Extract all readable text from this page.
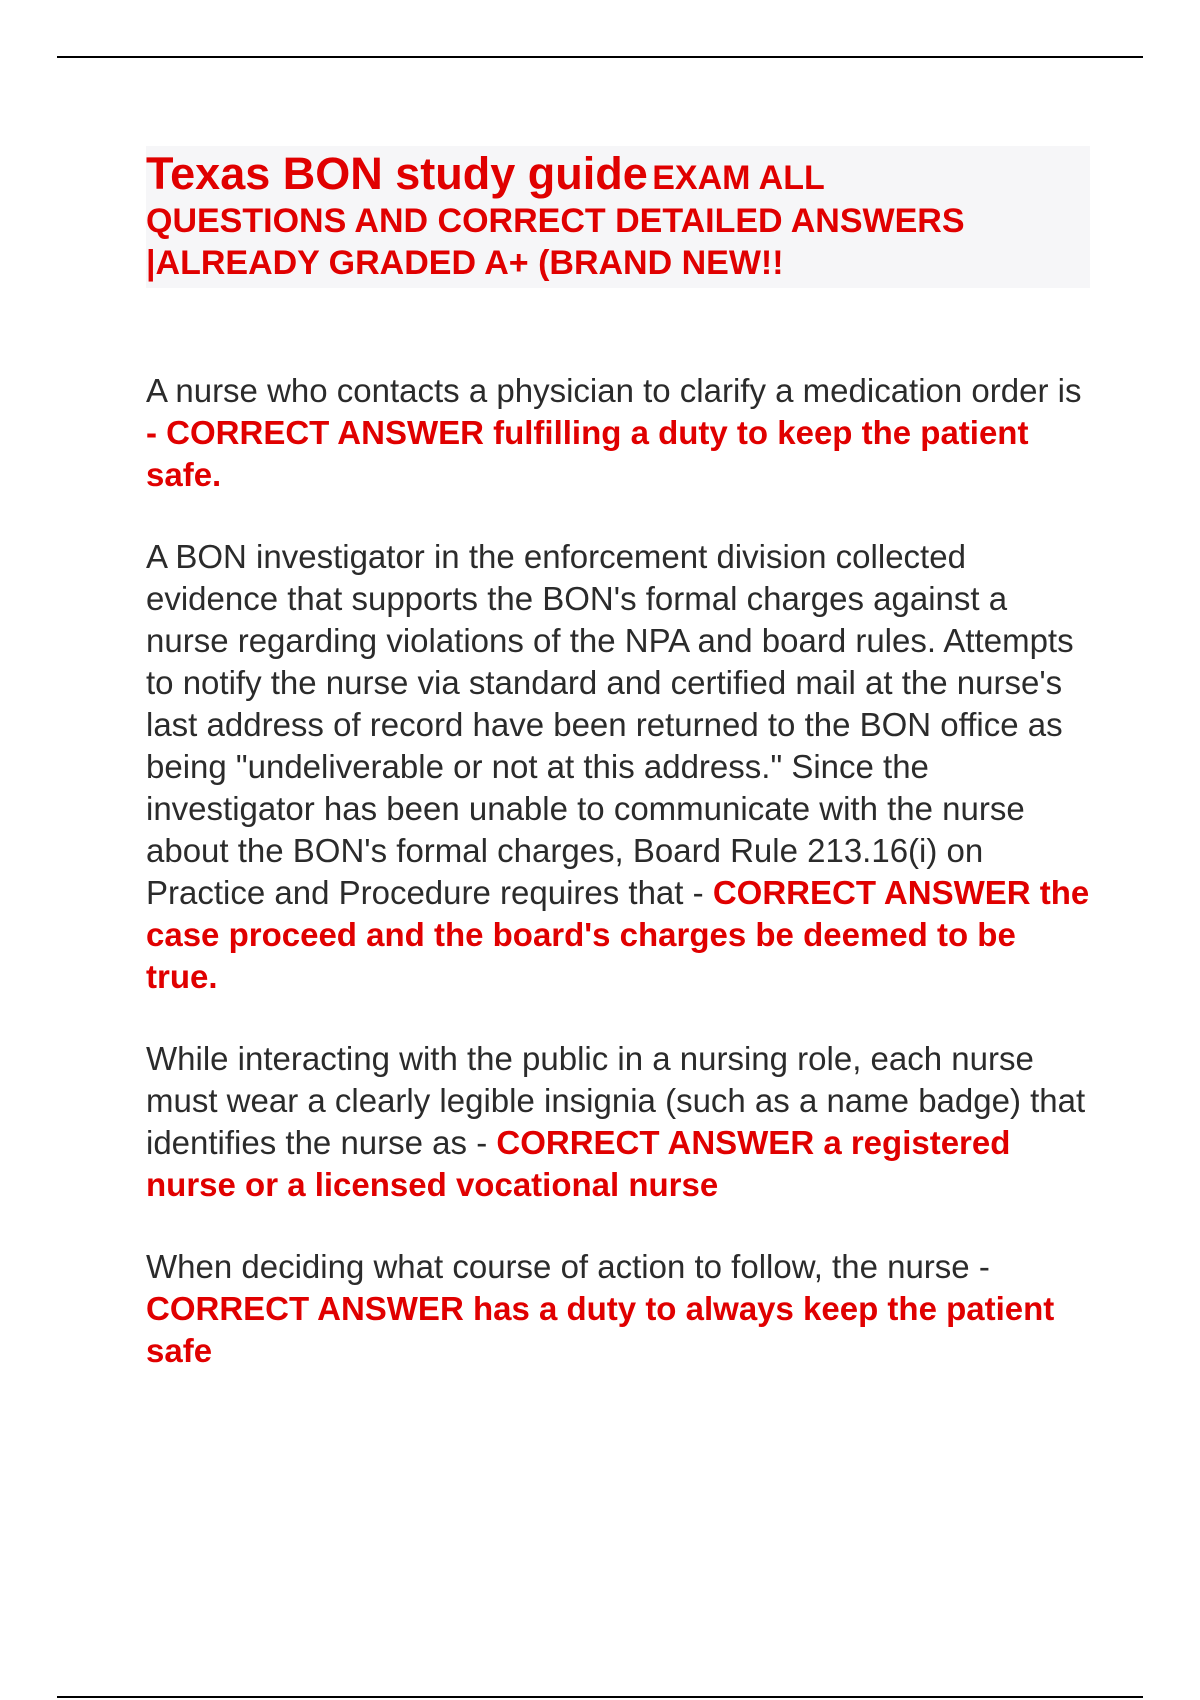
Texas BON study guide EXAM ALL
QUESTIONS AND CORRECT DETAILED ANSWERS
|ALREADY GRADED A+ (BRAND NEW!!

A nurse who contacts a physician to clarify a medication order is - CORRECT ANSWER fulfilling a duty to keep the patient safe.

A BON investigator in the enforcement division collected evidence that supports the BON's formal charges against a nurse regarding violations of the NPA and board rules. Attempts to notify the nurse via standard and certified mail at the nurse's last address of record have been returned to the BON office as being "undeliverable or not at this address." Since the investigator has been unable to communicate with the nurse about the BON's formal charges, Board Rule 213.16(i) on Practice and Procedure requires that - CORRECT ANSWER the case proceed and the board's charges be deemed to be true.

While interacting with the public in a nursing role, each nurse must wear a clearly legible insignia (such as a name badge) that identifies the nurse as - CORRECT ANSWER a registered nurse or a licensed vocational nurse

When deciding what course of action to follow, the nurse - CORRECT ANSWER has a duty to always keep the patient safe
